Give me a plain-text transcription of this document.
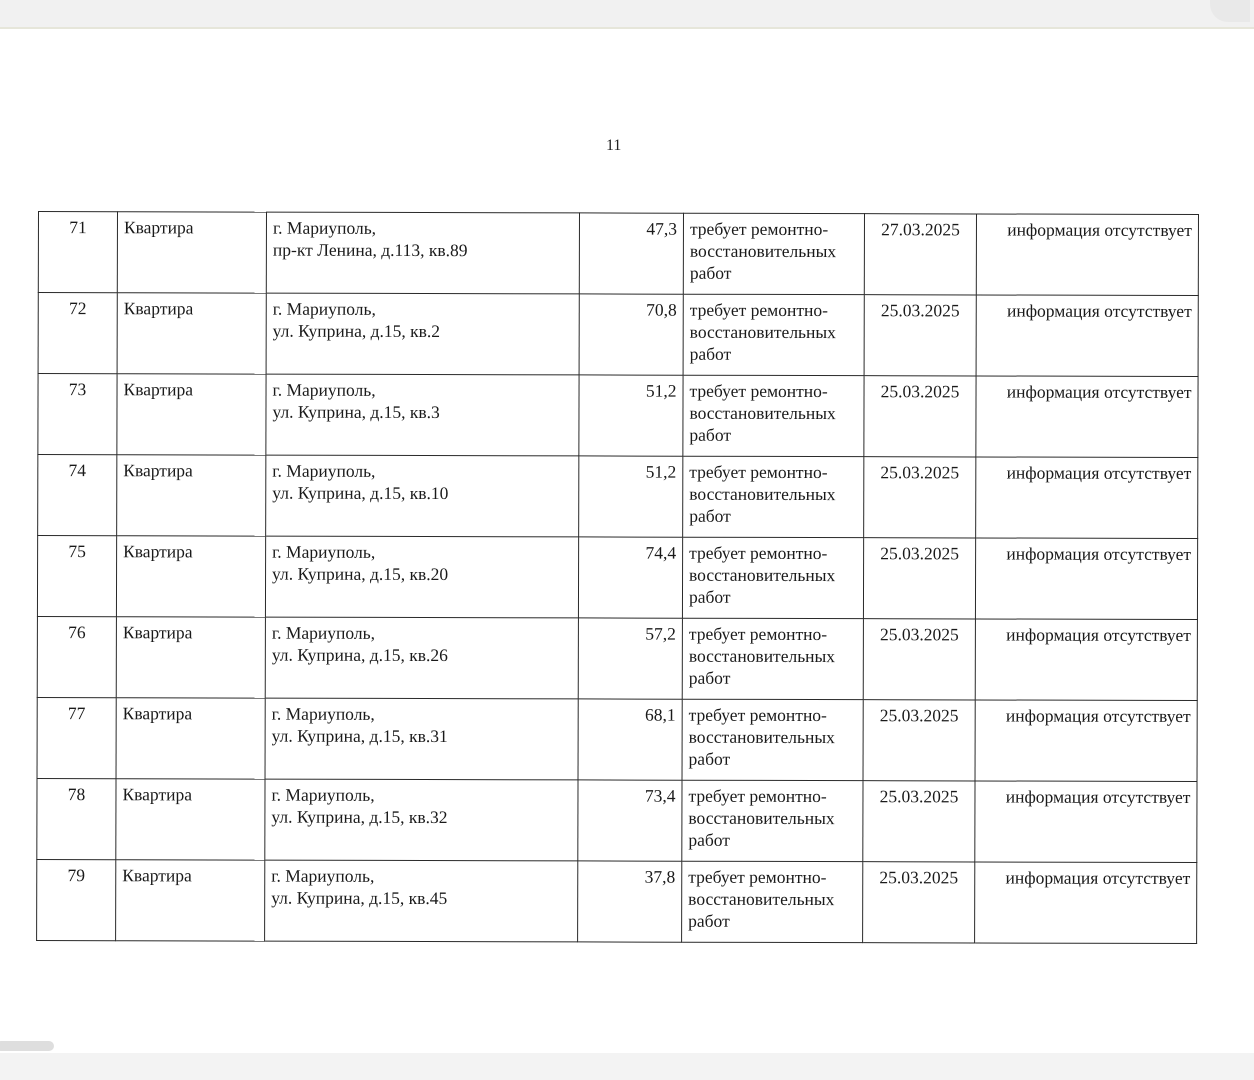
11
71	Квартира	г. Мариуполь,
пр-кт Ленина, д.113, кв.89	47,3	требует ремонтно-
восстановительных
работ	27.03.2025	информация отсутствует

72	Квартира	г. Мариуполь,
ул. Куприна, д.15, кв.2	70,8	требует ремонтно-
восстановительных
работ	25.03.2025	информация отсутствует

73	Квартира	г. Мариуполь,
ул. Куприна, д.15, кв.3	51,2	требует ремонтно-
восстановительных
работ	25.03.2025	информация отсутствует

74	Квартира	г. Мариуполь,
ул. Куприна, д.15, кв.10	51,2	требует ремонтно-
восстановительных
работ	25.03.2025	информация отсутствует

75	Квартира	г. Мариуполь,
ул. Куприна, д.15, кв.20	74,4	требует ремонтно-
восстановительных
работ	25.03.2025	информация отсутствует

76	Квартира	г. Мариуполь,
ул. Куприна, д.15, кв.26	57,2	требует ремонтно-
восстановительных
работ	25.03.2025	информация отсутствует

77	Квартира	г. Мариуполь,
ул. Куприна, д.15, кв.31	68,1	требует ремонтно-
восстановительных
работ	25.03.2025	информация отсутствует

78	Квартира	г. Мариуполь,
ул. Куприна, д.15, кв.32	73,4	требует ремонтно-
восстановительных
работ	25.03.2025	информация отсутствует

79	Квартира	г. Мариуполь,
ул. Куприна, д.15, кв.45	37,8	требует ремонтно-
восстановительных
работ	25.03.2025	информация отсутствует
